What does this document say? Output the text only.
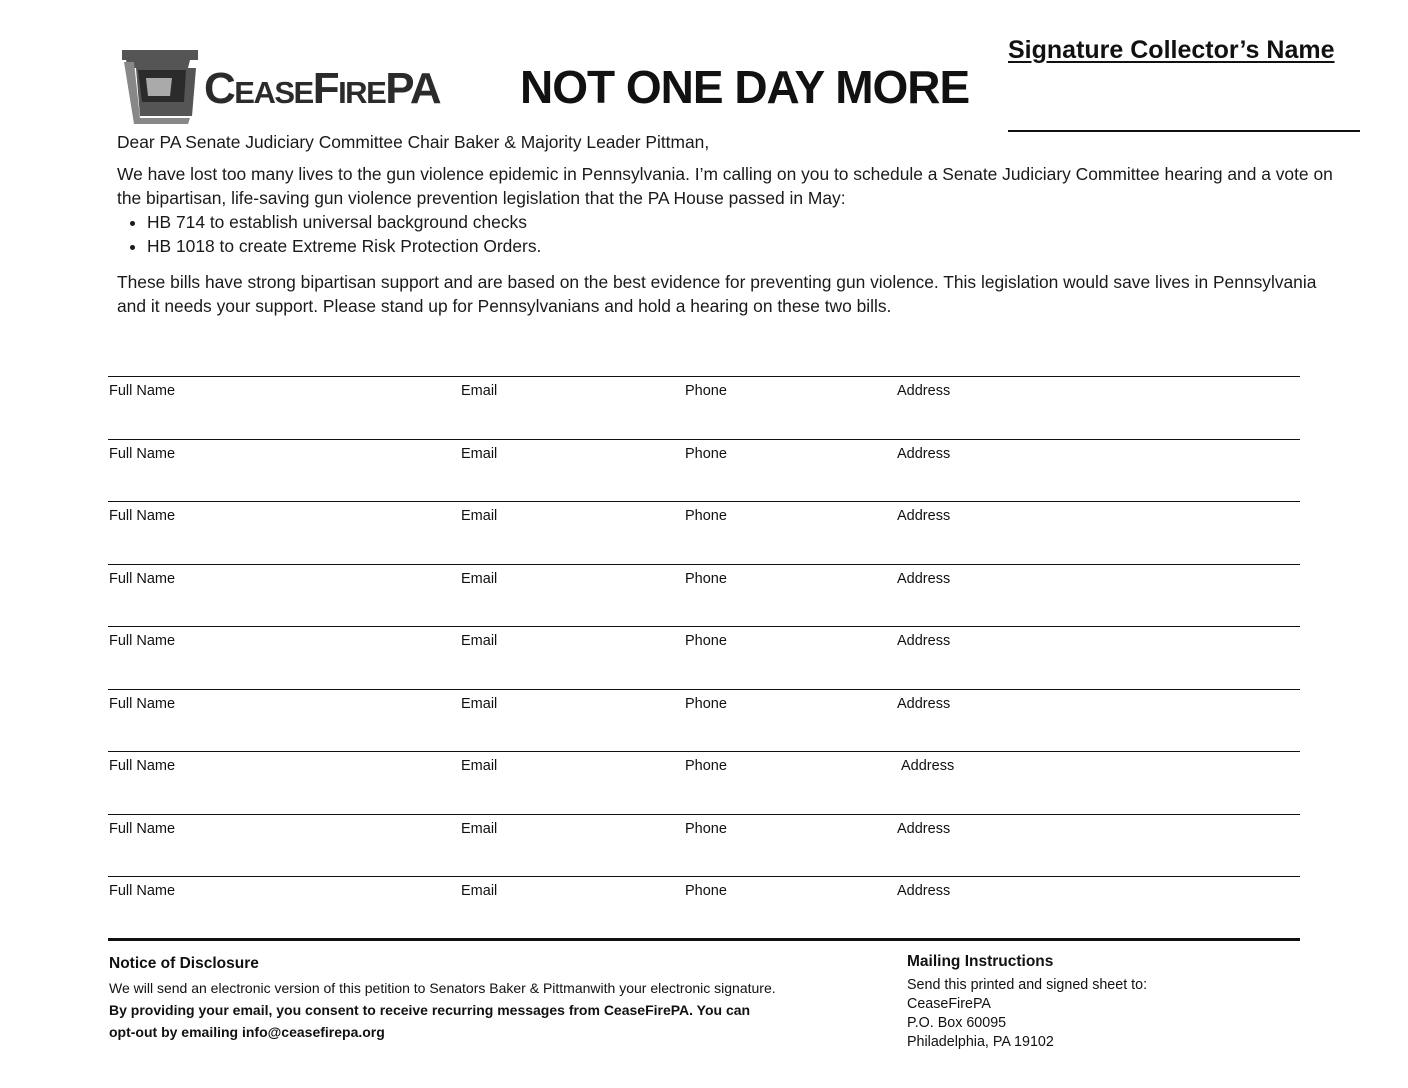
CeaseFirePA NOT ONE DAY MORE
Signature Collector’s Name

Dear PA Senate Judiciary Committee Chair Baker & Majority Leader Pittman,

We have lost too many lives to the gun violence epidemic in Pennsylvania. I’m calling on you to schedule a Senate Judiciary Committee hearing and a vote on the bipartisan, life-saving gun violence prevention legislation that the PA House passed in May:

• HB 714 to establish universal background checks
• HB 1018 to create Extreme Risk Protection Orders.

These bills have strong bipartisan support and are based on the best evidence for preventing gun violence. This legislation would save lives in Pennsylvania and it needs your support. Please stand up for Pennsylvanians and hold a hearing on these two bills.

Full Name	Email	Phone	Address
Full Name	Email	Phone	Address
Full Name	Email	Phone	Address
Full Name	Email	Phone	Address
Full Name	Email	Phone	Address
Full Name	Email	Phone	Address
Full Name	Email	Phone	Address
Full Name	Email	Phone	Address
Full Name	Email	Phone	Address
Notice of Disclosure
We will send an electronic version of this petition to Senators Baker & Pittmanwith your electronic signature.
By providing your email, you consent to receive recurring messages from CeaseFirePA. You can
opt-out by emailing info@ceasefirepa.org
Mailing Instructions
Send this printed and signed sheet to:
CeaseFirePA
P.O. Box 60095
Philadelphia, PA 19102
